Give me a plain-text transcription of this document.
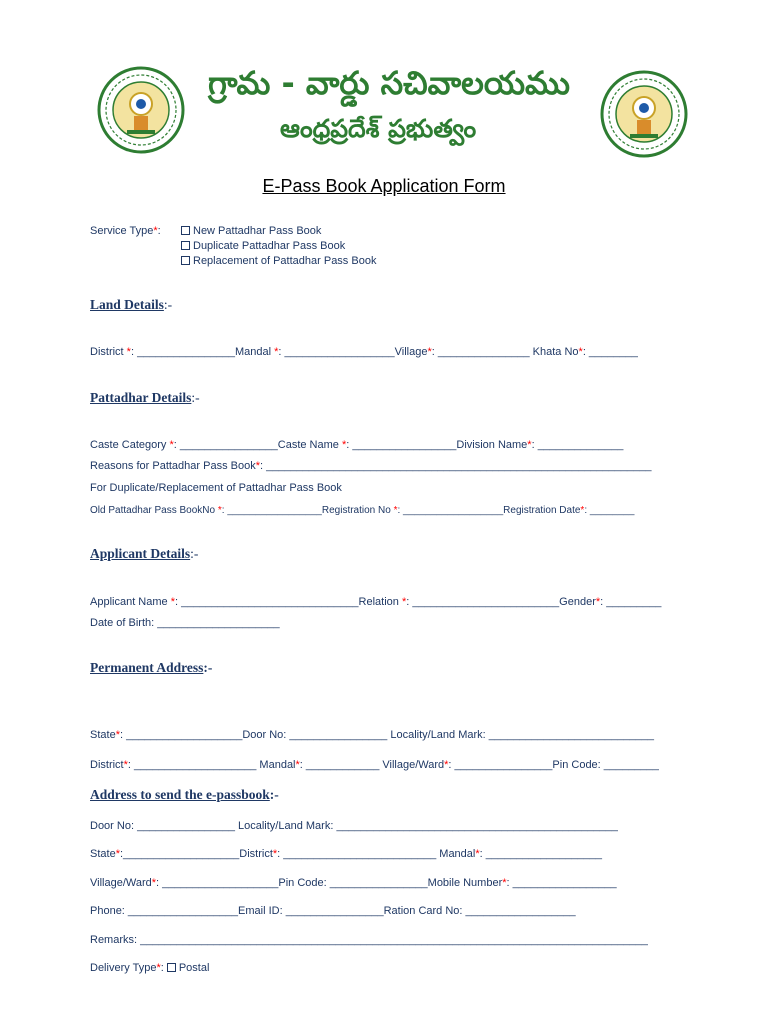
గ్రామ - వార్డు సచివాలయము
ఆంధ్రప్రదేశ్ ప్రభుత్వం
E-Pass Book Application Form
Service Type*:	New Pattadhar Pass Book
Duplicate Pattadhar Pass Book
Replacement of Pattadhar Pass Book
Land Details:-
District *: ________________Mandal *: __________________Village*: _______________ Khata No*: ________
Pattadhar Details:-
Caste Category *: ________________Caste Name *: _________________Division Name*: ______________
Reasons for Pattadhar Pass Book*: _______________________________________________________________
For Duplicate/Replacement of Pattadhar Pass Book
Old Pattadhar Pass BookNo *: _________________Registration No *: __________________Registration Date*: ________
Applicant Details:-
Applicant Name *: _____________________________Relation *: ________________________Gender*: _________
Date of Birth: ____________________
Permanent Address:-
State*: ___________________Door No: ________________ Locality/Land Mark: ___________________________
District*: ____________________ Mandal*: ____________ Village/Ward*: ________________Pin Code: _________
Address to send the e-passbook:-
Door No: ________________ Locality/Land Mark: ______________________________________________
State*:___________________District*: _________________________ Mandal*: ___________________
Village/Ward*: ___________________Pin Code: ________________Mobile Number*: _________________
Phone: __________________Email ID: ________________Ration Card No: __________________
Remarks: ___________________________________________________________________________________
Delivery Type*: Postal
